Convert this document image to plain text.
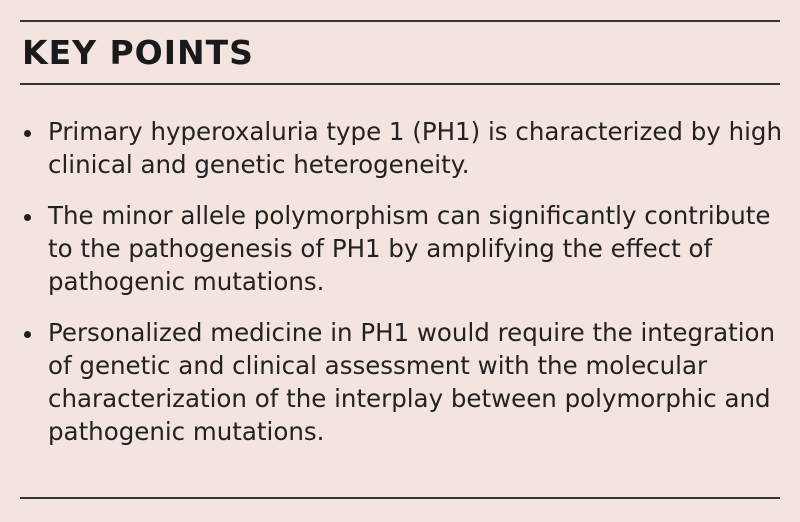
KEY POINTS
Primary hyperoxaluria type 1 (PH1) is characterized by high clinical and genetic heterogeneity.
The minor allele polymorphism can significantly contribute to the pathogenesis of PH1 by amplifying the effect of pathogenic mutations.
Personalized medicine in PH1 would require the integration of genetic and clinical assessment with the molecular characterization of the interplay between polymorphic and pathogenic mutations.
